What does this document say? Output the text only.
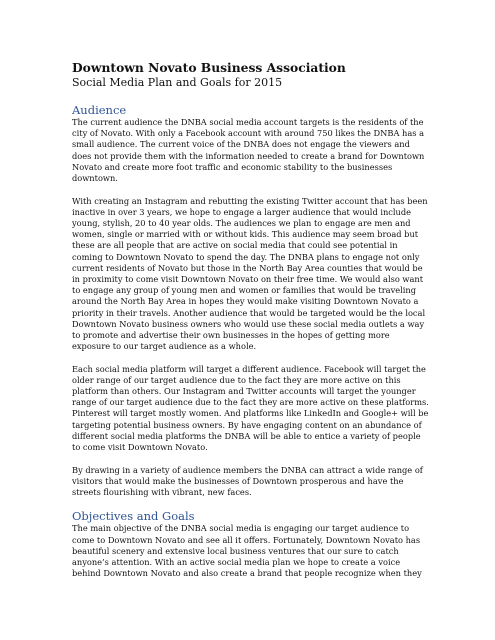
Downtown Novato Business Association
Social Media Plan and Goals for 2015
Audience

The current audience the DNBA social media account targets is the residents of the
city of Novato. With only a Facebook account with around 750 likes the DNBA has a
small audience. The current voice of the DNBA does not engage the viewers and
does not provide them with the information needed to create a brand for Downtown
Novato and create more foot traffic and economic stability to the businesses
downtown.

With creating an Instagram and rebutting the existing Twitter account that has been
inactive in over 3 years, we hope to engage a larger audience that would include
young, stylish, 20 to 40 year olds. The audiences we plan to engage are men and
women, single or married with or without kids. This audience may seem broad but
these are all people that are active on social media that could see potential in
coming to Downtown Novato to spend the day. The DNBA plans to engage not only
current residents of Novato but those in the North Bay Area counties that would be
in proximity to come visit Downtown Novato on their free time. We would also want
to engage any group of young men and women or families that would be traveling
around the North Bay Area in hopes they would make visiting Downtown Novato a
priority in their travels. Another audience that would be targeted would be the local
Downtown Novato business owners who would use these social media outlets a way
to promote and advertise their own businesses in the hopes of getting more
exposure to our target audience as a whole.

Each social media platform will target a different audience. Facebook will target the
older range of our target audience due to the fact they are more active on this
platform than others. Our Instagram and Twitter accounts will target the younger
range of our target audience due to the fact they are more active on these platforms.
Pinterest will target mostly women. And platforms like LinkedIn and Google+ will be
targeting potential business owners. By have engaging content on an abundance of
different social media platforms the DNBA will be able to entice a variety of people
to come visit Downtown Novato.

By drawing in a variety of audience members the DNBA can attract a wide range of
visitors that would make the businesses of Downtown prosperous and have the
streets flourishing with vibrant, new faces.

Objectives and Goals

The main objective of the DNBA social media is engaging our target audience to
come to Downtown Novato and see all it offers. Fortunately, Downtown Novato has
beautiful scenery and extensive local business ventures that our sure to catch
anyone’s attention. With an active social media plan we hope to create a voice
behind Downtown Novato and also create a brand that people recognize when they
